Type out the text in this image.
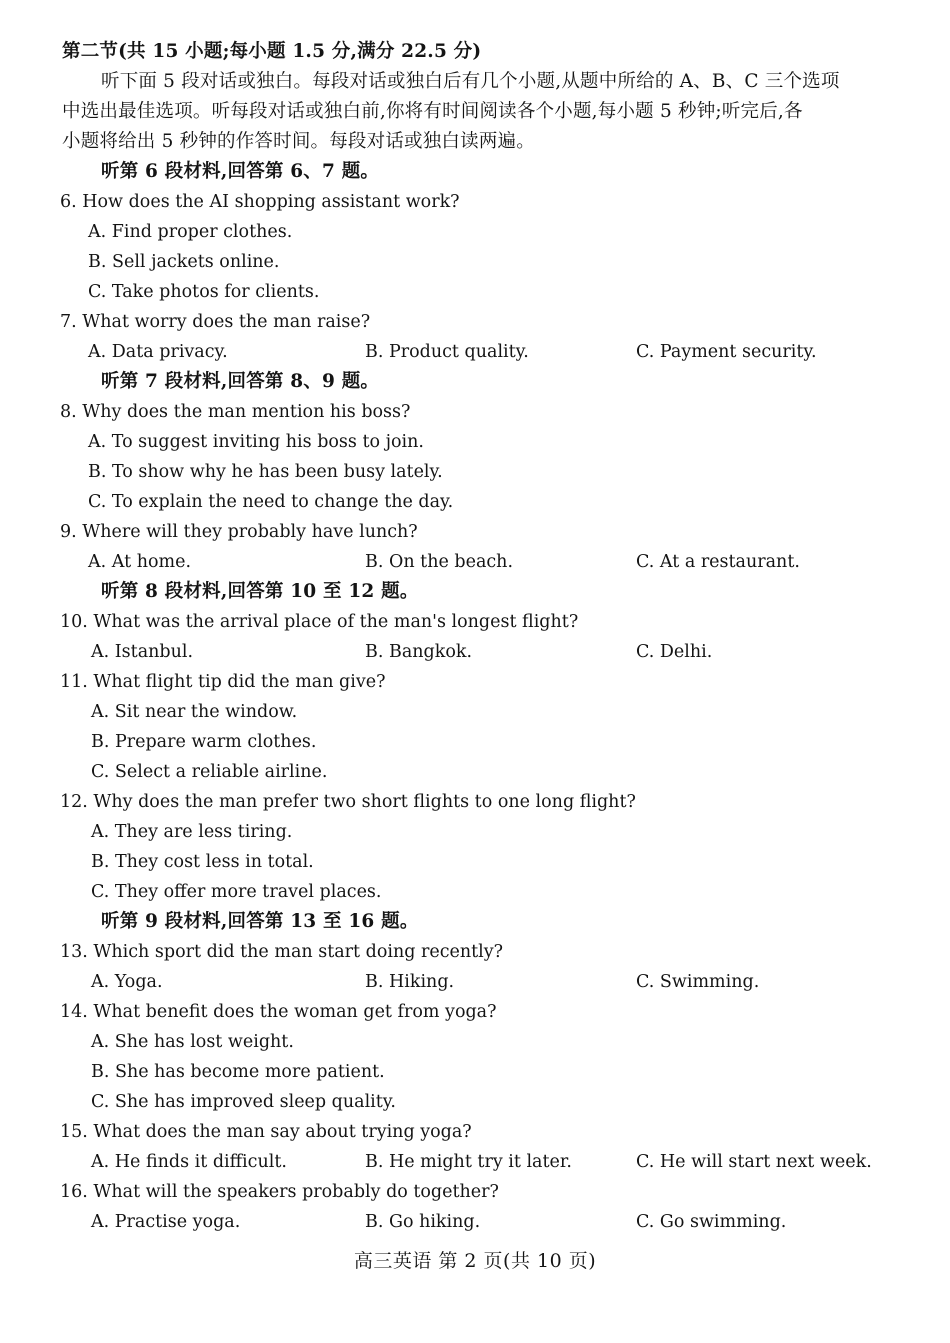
第二节(共 15 小题;每小题 1.5 分,满分 22.5 分)
听下面 5 段对话或独白。每段对话或独白后有几个小题,从题中所给的 A、B、C 三个选项
中选出最佳选项。听每段对话或独白前,你将有时间阅读各个小题,每小题 5 秒钟;听完后,各
小题将给出 5 秒钟的作答时间。每段对话或独白读两遍。
听第 6 段材料,回答第 6、7 题。
6. How does the AI shopping assistant work?
A. Find proper clothes.
B. Sell jackets online.
C. Take photos for clients.
7. What worry does the man raise?
A. Data privacy.	B. Product quality.	C. Payment security.
听第 7 段材料,回答第 8、9 题。
8. Why does the man mention his boss?
A. To suggest inviting his boss to join.
B. To show why he has been busy lately.
C. To explain the need to change the day.
9. Where will they probably have lunch?
A. At home.	B. On the beach.	C. At a restaurant.
听第 8 段材料,回答第 10 至 12 题。
10. What was the arrival place of the man's longest flight?
A. Istanbul.	B. Bangkok.	C. Delhi.
11. What flight tip did the man give?
A. Sit near the window.
B. Prepare warm clothes.
C. Select a reliable airline.
12. Why does the man prefer two short flights to one long flight?
A. They are less tiring.
B. They cost less in total.
C. They offer more travel places.
听第 9 段材料,回答第 13 至 16 题。
13. Which sport did the man start doing recently?
A. Yoga.	B. Hiking.	C. Swimming.
14. What benefit does the woman get from yoga?
A. She has lost weight.
B. She has become more patient.
C. She has improved sleep quality.
15. What does the man say about trying yoga?
A. He finds it difficult.	B. He might try it later.	C. He will start next week.
16. What will the speakers probably do together?
A. Practise yoga.	B. Go hiking.	C. Go swimming.
高三英语 第 2 页(共 10 页)
